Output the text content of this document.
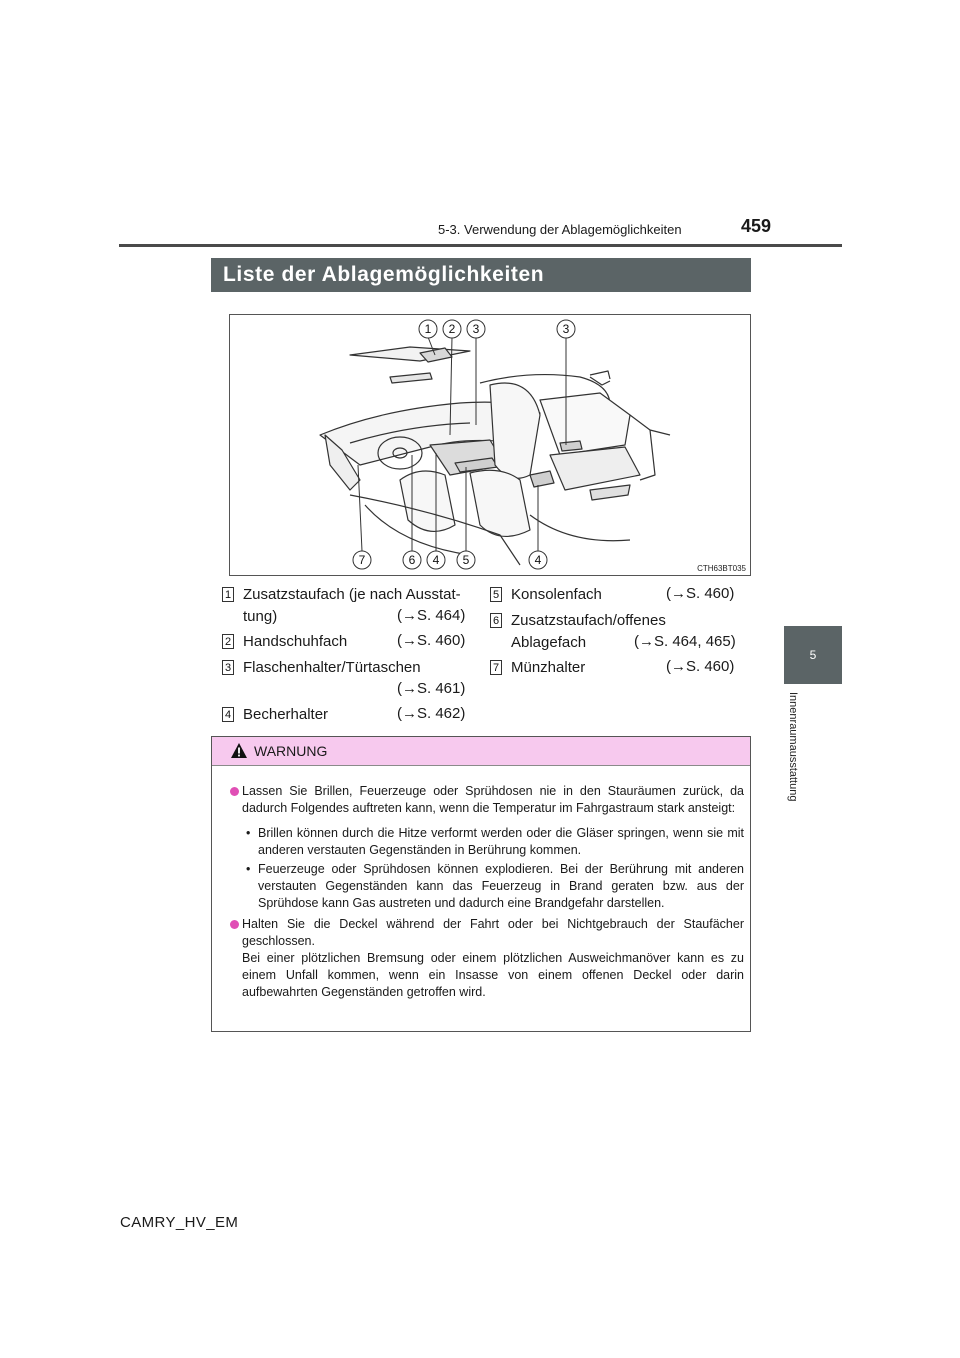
5-3. Verwendung der Ablagemöglichkeiten	459
5
Innenraumausstattung
Liste der Ablagemöglichkeiten
CTH63BT035
1 2 3	3
7	6 4 5	4
1 Zusatzstaufach (je nach Ausstat-
tung)	(→S. 464)
2 Handschuhfach	(→S. 460)
3 Flaschenhalter/Türtaschen
(→S. 461)
4 Becherhalter	(→S. 462)
5 Konsolenfach	(→S. 460)
6 Zusatzstaufach/offenes
Ablagefach	(→S. 464, 465)
7 Münzhalter	(→S. 460)
WARNUNG
Lassen Sie Brillen, Feuerzeuge oder Sprühdosen nie in den Stauräumen zurück, da dadurch Folgendes auftreten kann, wenn die Temperatur im Fahrgastraum stark ansteigt:
• Brillen können durch die Hitze verformt werden oder die Gläser springen, wenn sie mit anderen verstauten Gegenständen in Berührung kommen.
• Feuerzeuge oder Sprühdosen können explodieren. Bei der Berührung mit anderen verstauten Gegenständen kann das Feuerzeug in Brand geraten bzw. aus der Sprühdose kann Gas austreten und dadurch eine Brandgefahr darstellen.
Halten Sie die Deckel während der Fahrt oder bei Nichtgebrauch der Staufächer geschlossen.
Bei einer plötzlichen Bremsung oder einem plötzlichen Ausweichmanöver kann es zu einem Unfall kommen, wenn ein Insasse von einem offenen Deckel oder darin aufbewahrten Gegenständen getroffen wird.
CAMRY_HV_EM
